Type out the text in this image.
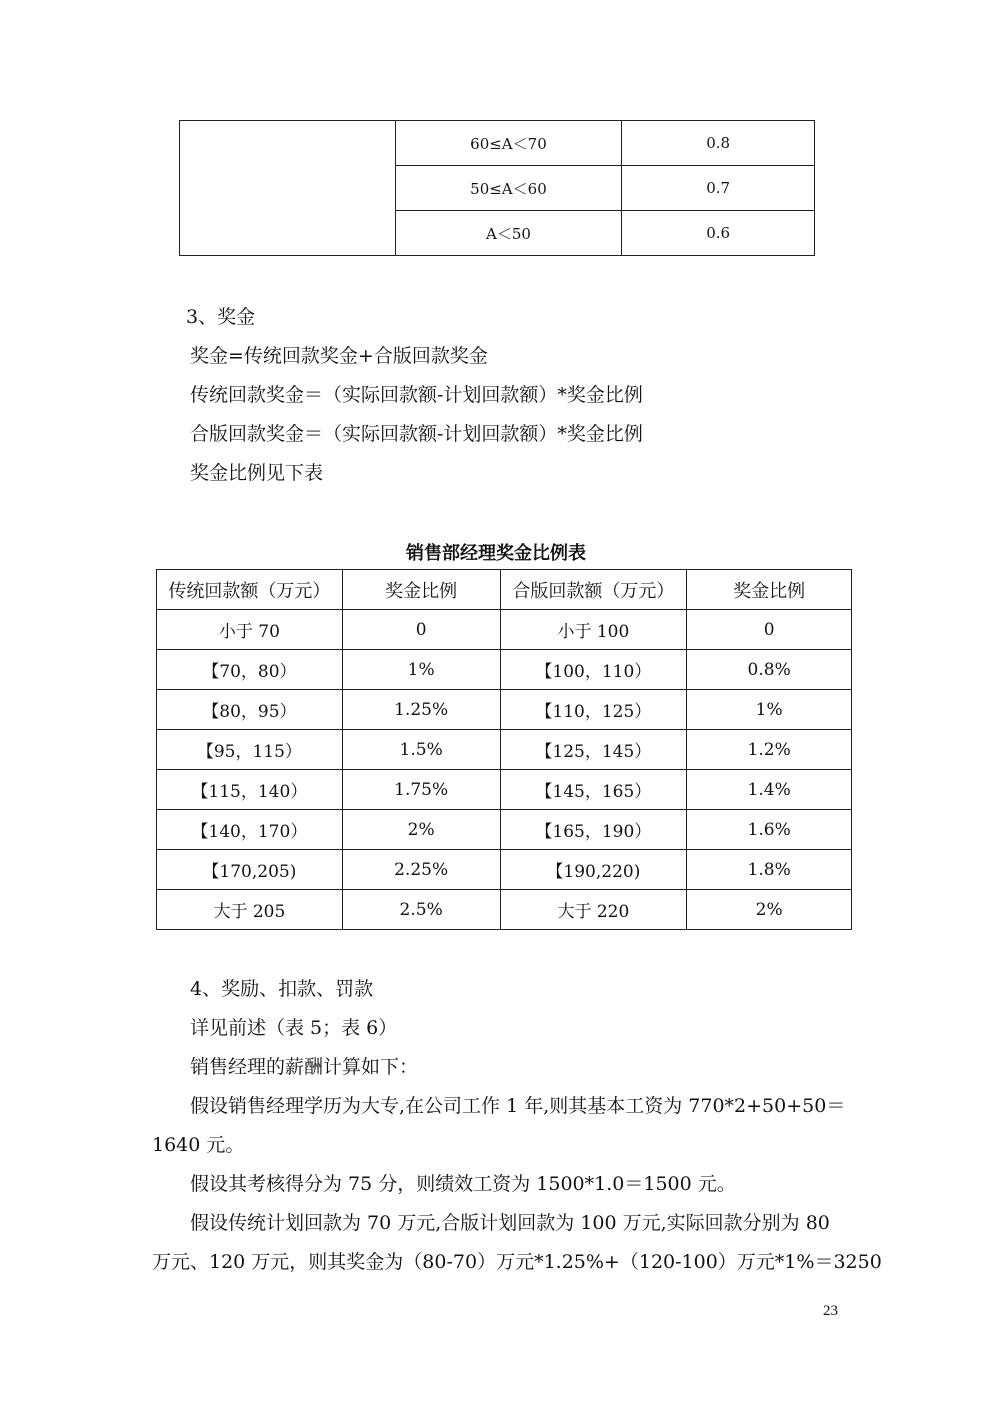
	60≤A＜70	0.8
	50≤A＜60	0.7
	A＜50	0.6
3、奖金
奖金=传统回款奖金+合版回款奖金
传统回款奖金＝（实际回款额-计划回款额）*奖金比例
合版回款奖金＝（实际回款额-计划回款额）*奖金比例
奖金比例见下表
销售部经理奖金比例表
传统回款额（万元）	奖金比例	合版回款额（万元）	奖金比例
小于 70	0	小于 100	0
【70，80）	1%	【100，110）	0.8%
【80，95）	1.25%	【110，125）	1%
【95，115）	1.5%	【125，145）	1.2%
【115，140）	1.75%	【145，165）	1.4%
【140，170）	2%	【165，190）	1.6%
【170,205)	2.25%	【190,220)	1.8%
大于 205	2.5%	大于 220	2%
4、奖励、扣款、罚款
详见前述（表 5；表 6）
销售经理的薪酬计算如下：
假设销售经理学历为大专,在公司工作 1 年,则其基本工资为 770*2+50+50＝
1640 元。
假设其考核得分为 75 分，则绩效工资为 1500*1.0＝1500 元。
假设传统计划回款为 70 万元,合版计划回款为 100 万元,实际回款分别为 80
万元、120 万元，则其奖金为（80-70）万元*1.25%+（120-100）万元*1%＝3250
23
